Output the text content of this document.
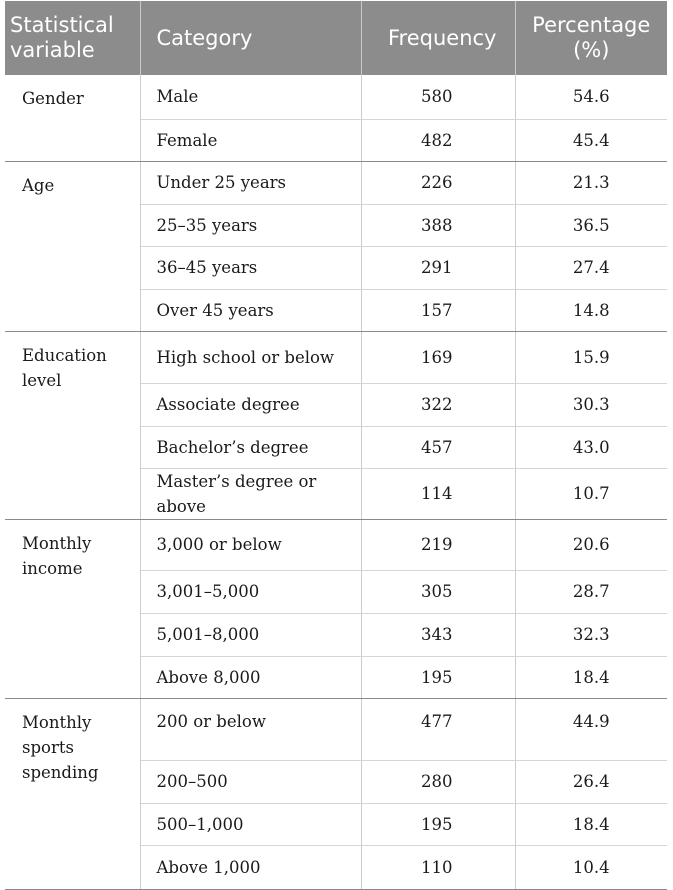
Statistical variable	Category	Frequency	Percentage (%)

Gender	Male	580	54.6
	Female	482	45.4
Age	Under 25 years	226	21.3
	25–35 years	388	36.5
	36–45 years	291	27.4
	Over 45 years	157	14.8

Education level	High school or below	169	15.9
	Associate degree	322	30.3
	Bachelor’s degree	457	43.0
	Master’s degree or above	114	10.7

Monthly income	3,000 or below	219	20.6
	3,001–5,000	305	28.7
	5,001–8,000	343	32.3
	Above 8,000	195	18.4

Monthly sports spending	200 or below	477	44.9
	200–500	280	26.4
	500–1,000	195	18.4
	Above 1,000	110	10.4
